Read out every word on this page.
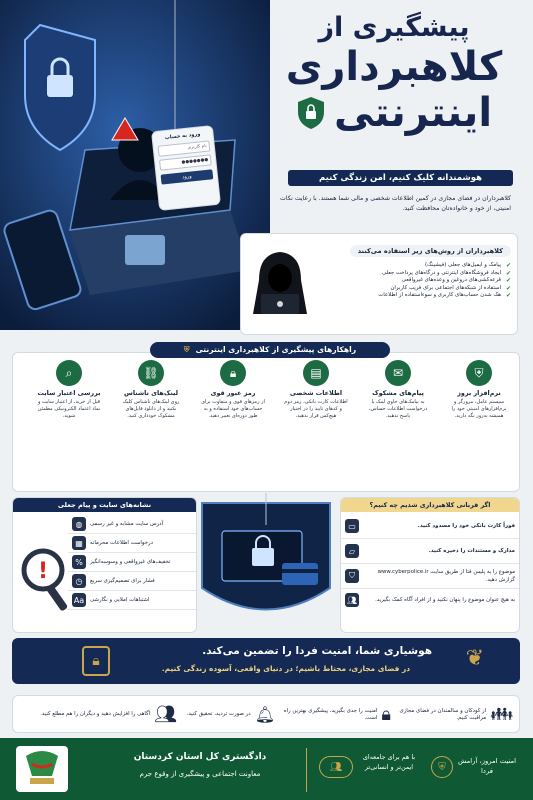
ورود به حساب
نام کاربری
●●●●●●●
ورود
پیشگیری از
کلاهبرداری
اینترنتی
هوشمندانه کلیک کنیم، امن زندگی کنیم
کلاهبرداران در فضای مجازی در کمین اطلاعات شخصی و مالی شما هستند. با رعایت نکات امنیتی، از خود و خانواده‌تان محافظت کنید.
کلاهبرداران از روش‌های زیر استفاده می‌کنند
✔
پیامک و ایمیل‌های جعلی (فیشینگ)
✔
ایجاد فروشگاه‌های اینترنتی و درگاه‌های پرداخت جعلی
✔
قرعه‌کشی‌های دروغین و وعده‌های غیرواقعی
✔
استفاده از شبکه‌های اجتماعی برای فریب کاربران
✔
هک شدن حساب‌های کاربری و سوءاستفاده از اطلاعات
راهکارهای پیشگیری از کلاهبرداری اینترنتی
⛨
⛨
نرم‌افزار بروز
سیستم عامل، مرورگر و نرم‌افزارهای امنیتی خود را همیشه به‌روز نگه دارید.
✉
پیام‌های مشکوک
به پیامک‌های حاوی لینک یا درخواست اطلاعات حساس، پاسخ ندهید.
▤
اطلاعات شخصی
اطلاعات کارت بانکی، رمز دوم و کدهای تایید را در اختیار هیچ‌کس قرار ندهید.
🔒︎
رمز عبور قوی
از رمزهای قوی و متفاوت برای حساب‌های خود استفاده و به طور دوره‌ای تغییر دهید.
⛓
لینک‌های ناشناس
روی لینک‌های ناشناس کلیک نکنید و از دانلود فایل‌های مشکوک خودداری کنید.
⌕
بررسی اعتبار سایت
قبل از خرید، از اعتبار سایت و نماد اعتماد الکترونیکی مطمئن شوید.
نشانه‌های سایت و پیام جعلی
آدرس سایت مشابه و غیر رسمی
◍
درخواست اطلاعات محرمانه
▦
تخفیف‌های غیرواقعی و وسوسه‌انگیز
%
فشار برای تصمیم‌گیری سریع
◷
اشتباهات املایی و نگارشی
Aa
!
اگر قربانی کلاهبرداری شدیم چه کنیم؟
▭	فوراً کارت بانکی خود را مسدود کنید.
▱	مدارک و مستندات را ذخیره کنید.
⛉	موضوع را به پلیس فتا از طریق سایت www.cyberpolice.ir گزارش دهید.
👥︎	به هیچ عنوان موضوع را پنهان نکنید و از افراد آگاه کمک بگیرید.
🔒︎
هوشیاری شما، امنیت فردا را تضمین می‌کند.
در فضای مجازی، محتاط باشیم؛ در دنیای واقعی، آسوده زندگی کنیم.	❦
👪︎
از کودکان و سالمندان در فضای مجازی مراقبت کنیم.
🔒︎
امنیت را جدی بگیرید، پیشگیری بهترین راه است.
🔔︎
در صورت تردید، تحقیق کنید.
👥︎
آگاهی را افزایش دهید و دیگران را هم مطلع کنید.
⛨
امنیت امروز، آرامش فردا
👥︎
با هم برای جامعه‌ای ایمن‌تر و انسانی‌تر
دادگستری کل استان کردستان
معاونت اجتماعی و پیشگیری از وقوع جرم
